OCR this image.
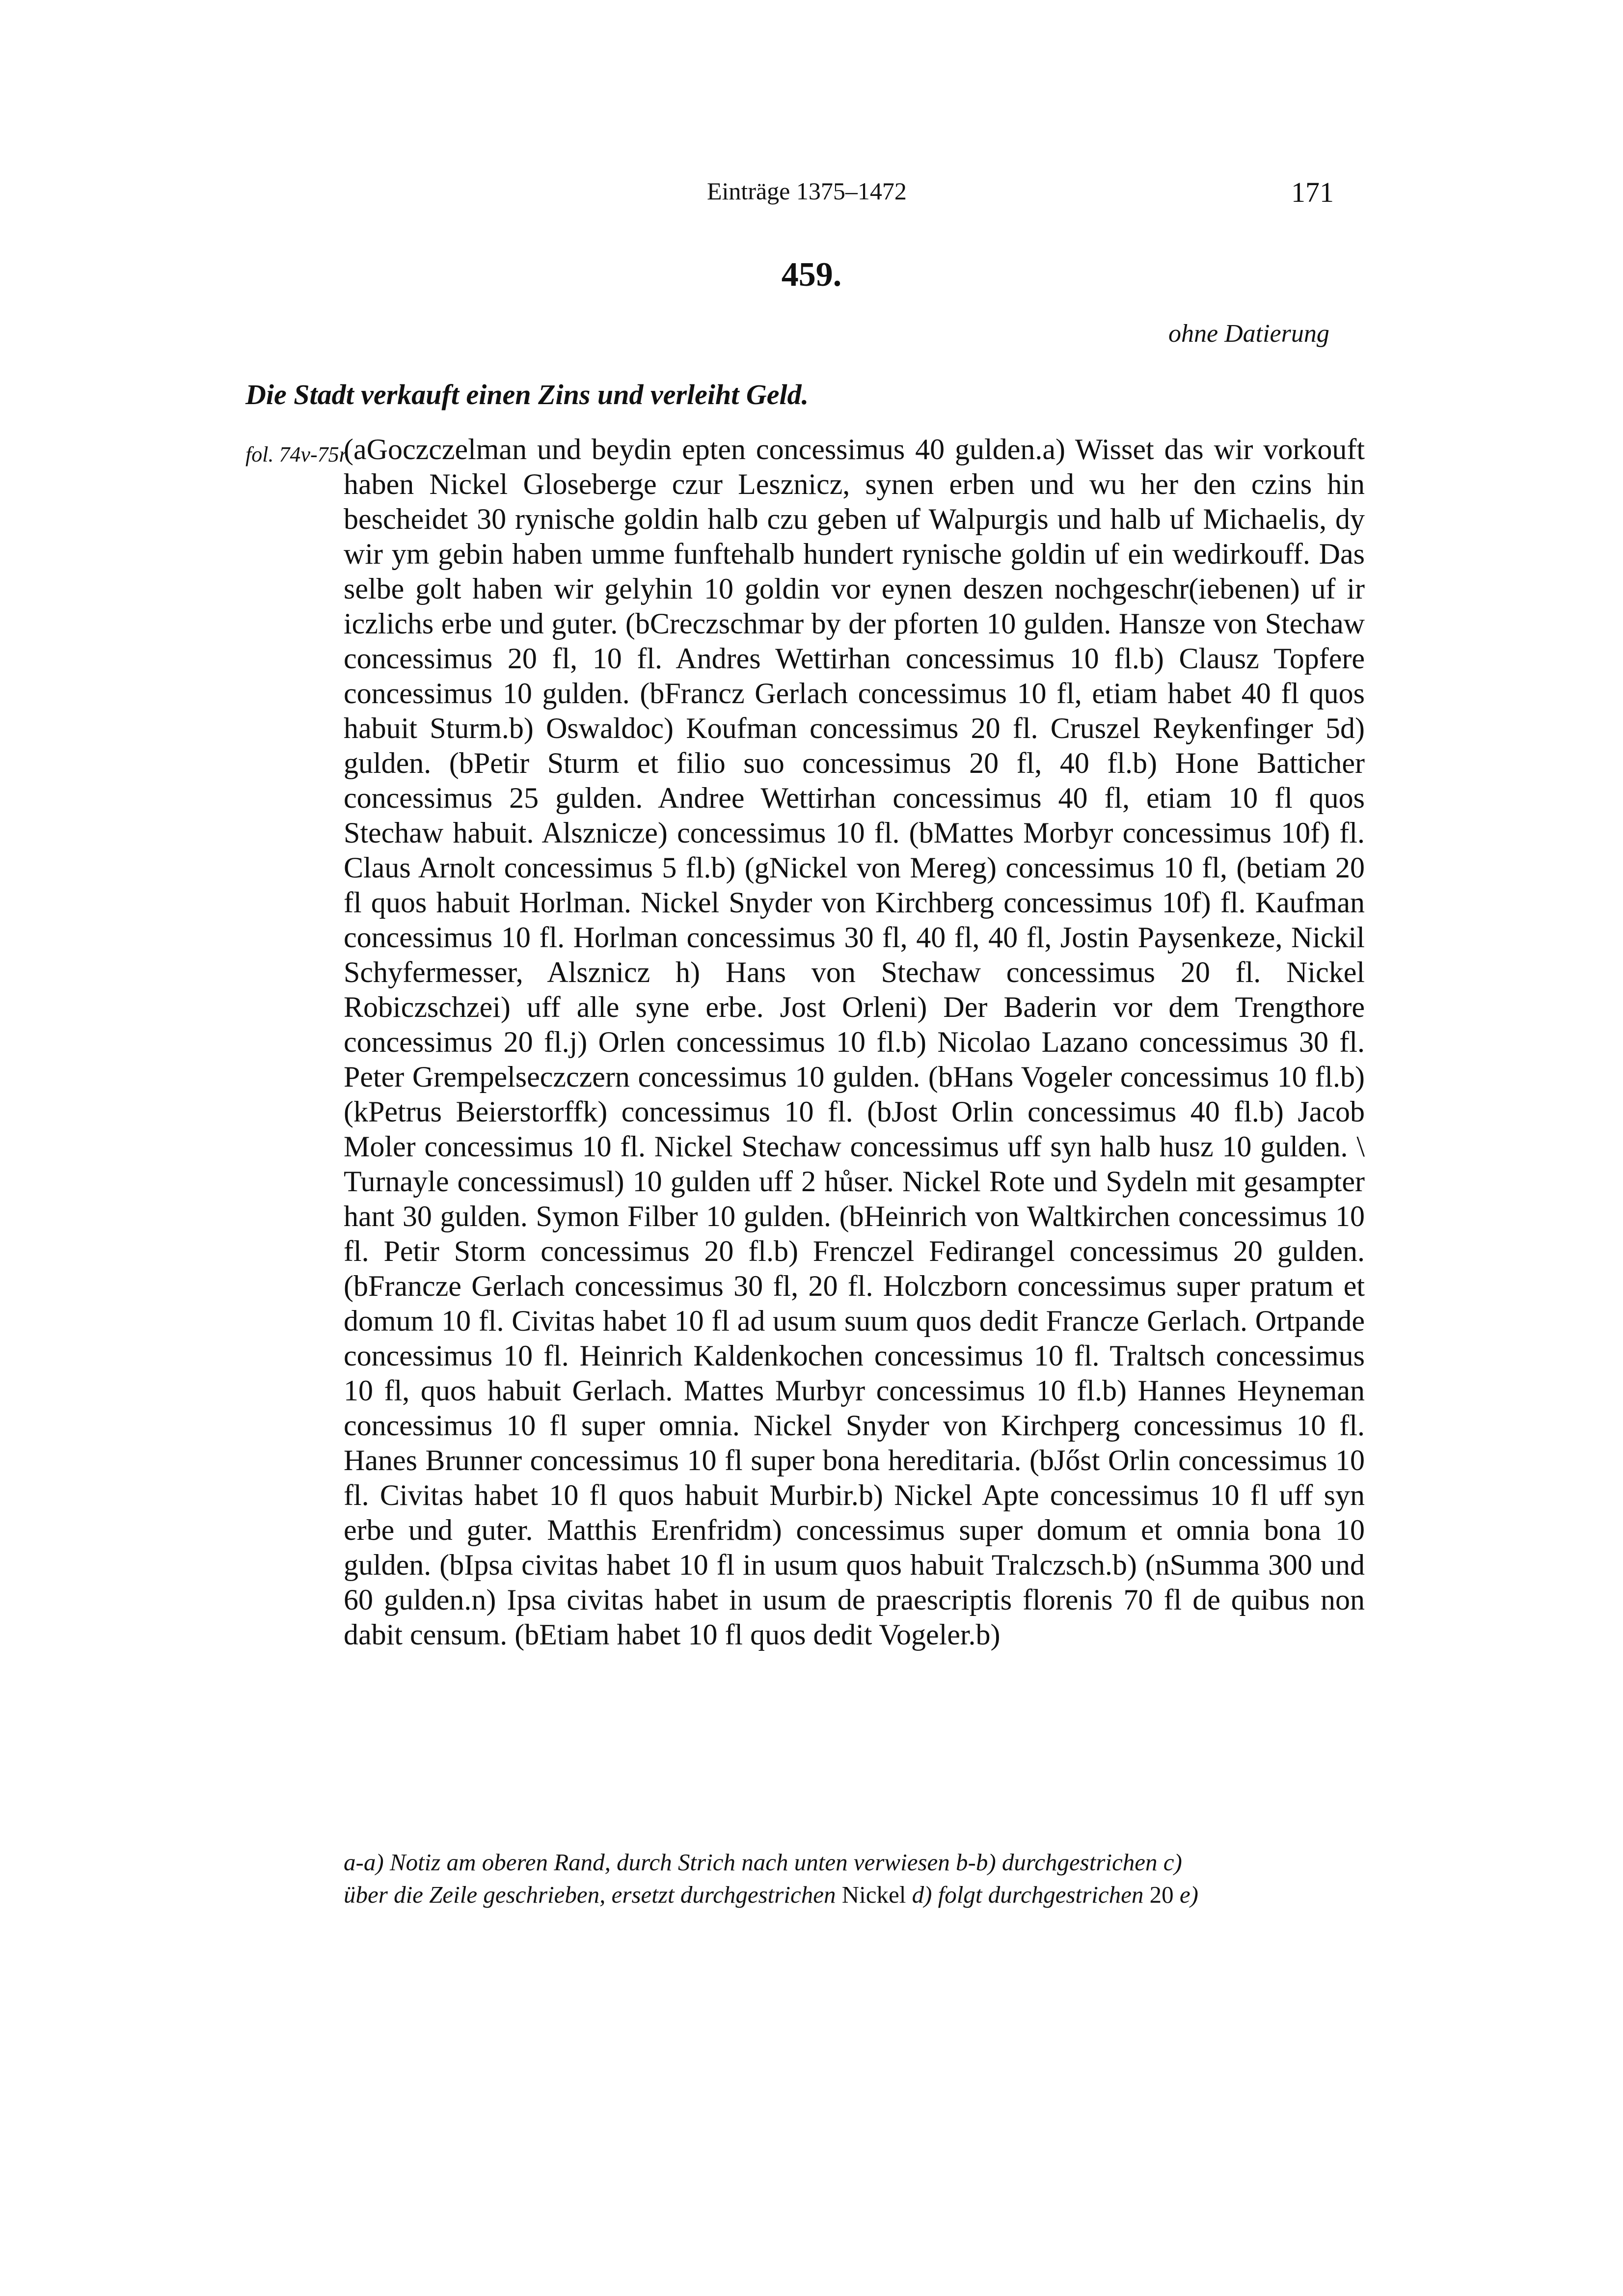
Einträge 1375–1472	171
459.
ohne Datierung
Die Stadt verkauft einen Zins und verleiht Geld.
fol. 74v-75r

(aGoczczelman und beydin epten concessimus 40 gulden.a) Wisset das wir vorkouft haben Nickel Gloseberge czur Lesznicz, synen erben und wu her den czins hin bescheidet 30 rynische goldin halb czu geben uf Walpurgis und halb uf Michaelis, dy wir ym gebin haben umme funftehalb hundert rynische goldin uf ein wedirkouff. Das selbe golt haben wir gelyhin 10 goldin vor eynen deszen nochgeschr(iebenen) uf ir iczlichs erbe und guter. (bCreczschmar by der pforten 10 gulden. Hansze von Stechaw concessimus 20 fl, 10 fl. Andres Wettirhan concessimus 10 fl.b) Clausz Topfere concessimus 10 gulden. (bFrancz Gerlach concessimus 10 fl, etiam habet 40 fl quos habuit Sturm.b) Oswaldoc) Koufman concessimus 20 fl. Cruszel Reykenfinger 5d) gulden. (bPetir Sturm et filio suo concessimus 20 fl, 40 fl.b) Hone Batticher concessimus 25 gulden. Andree Wettirhan concessimus 40 fl, etiam 10 fl quos Stechaw habuit. Alsznicze) concessimus 10 fl. (bMattes Morbyr concessimus 10f) fl. Claus Arnolt concessimus 5 fl.b) (gNickel von Mereg) concessimus 10 fl, (betiam 20 fl quos habuit Horlman. Nickel Snyder von Kirchberg concessimus 10f) fl. Kaufman concessimus 10 fl. Horlman concessimus 30 fl, 40 fl, 40 fl, Jostin Paysenkeze, Nickil Schyfermesser, Alsznicz h) Hans von Stechaw concessimus 20 fl. Nickel Robiczschzei) uff alle syne erbe. Jost Orleni) Der Baderin vor dem Trengthore concessimus 20 fl.j) Orlen concessimus 10 fl.b) Nicolao Lazano concessimus 30 fl. Peter Grempelseczczern concessimus 10 gulden. (bHans Vogeler concessimus 10 fl.b) (kPetrus Beierstorffk) concessimus 10 fl. (bJost Orlin concessimus 40 fl.b) Jacob Moler concessimus 10 fl. Nickel Stechaw concessimus uff syn halb husz 10 gulden. \ Turnayle concessimusl) 10 gulden uff 2 hůser. Nickel Rote und Sydeln mit gesampter hant 30 gulden. Symon Filber 10 gulden. (bHeinrich von Waltkirchen concessimus 10 fl. Petir Storm concessimus 20 fl.b) Frenczel Fedirangel concessimus 20 gulden. (bFrancze Gerlach concessimus 30 fl, 20 fl. Holczborn concessimus super pratum et domum 10 fl. Civitas habet 10 fl ad usum suum quos dedit Francze Gerlach. Ortpande concessimus 10 fl. Heinrich Kaldenkochen concessimus 10 fl. Traltsch concessimus 10 fl, quos habuit Gerlach. Mattes Murbyr concessimus 10 fl.b) Hannes Heyneman concessimus 10 fl super omnia. Nickel Snyder von Kirchperg concessimus 10 fl. Hanes Brunner concessimus 10 fl super bona hereditaria. (bJőst Orlin concessimus 10 fl. Civitas habet 10 fl quos habuit Murbir.b) Nickel Apte concessimus 10 fl uff syn erbe und guter. Matthis Erenfridm) concessimus super domum et omnia bona 10 gulden. (bIpsa civitas habet 10 fl in usum quos habuit Tralczsch.b) (nSumma 300 und 60 gulden.n) Ipsa civitas habet in usum de praescriptis florenis 70 fl de quibus non dabit censum. (bEtiam habet 10 fl quos dedit Vogeler.b)

a-a) Notiz am oberen Rand, durch Strich nach unten verwiesen b-b) durchgestrichen c)
über die Zeile geschrieben, ersetzt durchgestrichen Nickel d) folgt durchgestrichen 20 e)
